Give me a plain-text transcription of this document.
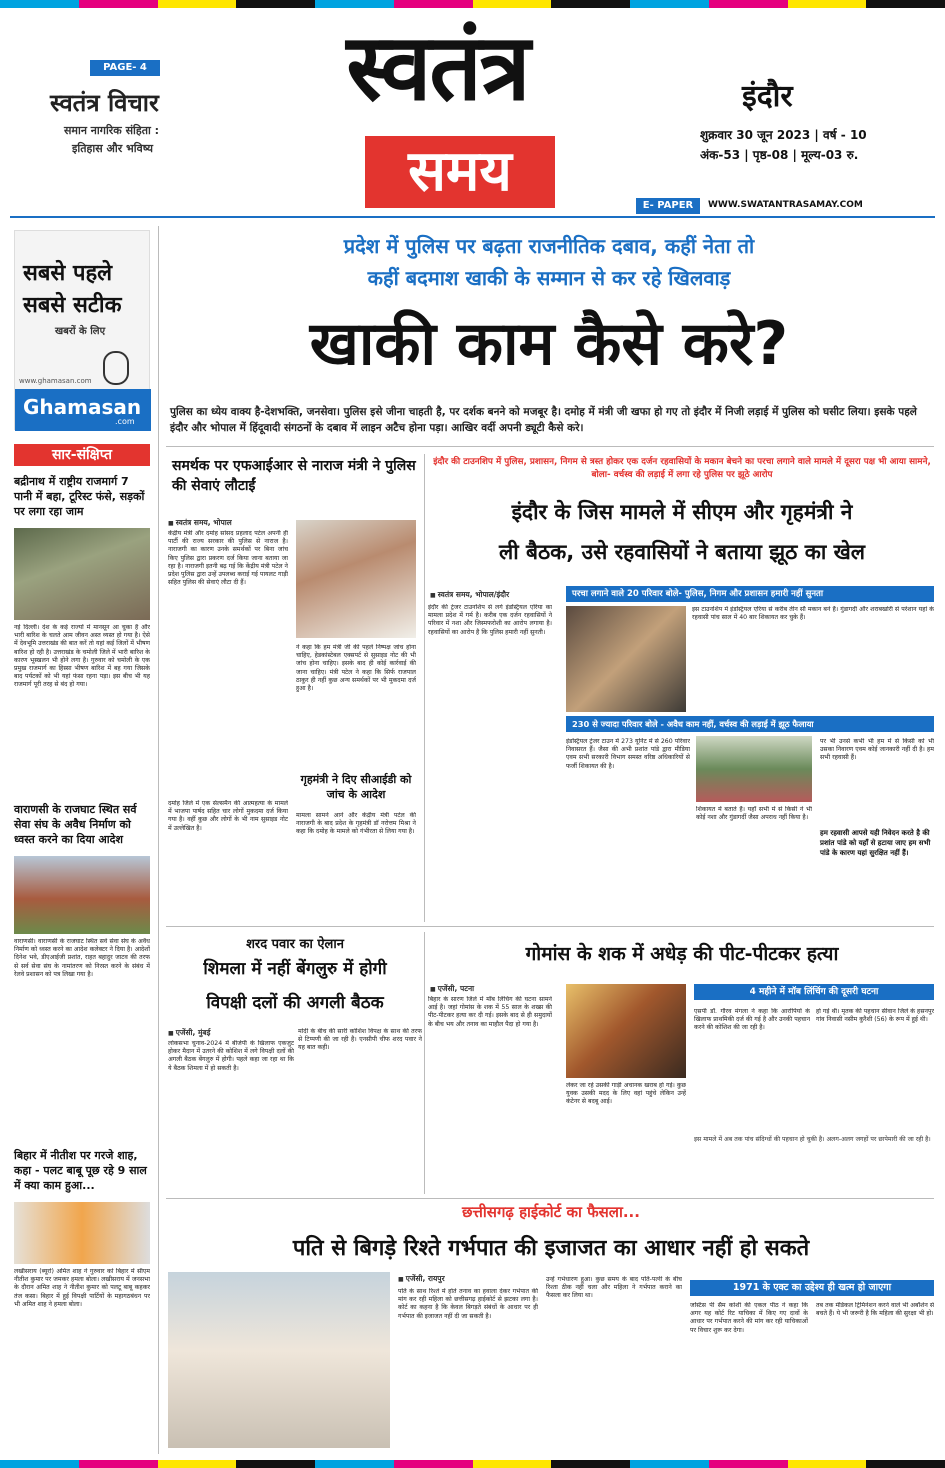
PAGE- 4
स्वतंत्र विचार
समान नागरिक संहिता :
इतिहास और भविष्य
स्वतंत्र
समय
इंदौर
शुक्रवार 30 जून 2023 | वर्ष - 10
अंक-53 | पृष्ठ-08 | मूल्य-03 रु.
E- PAPER	WWW.SWATANTRASAMAY.COM
सबसे पहले
सबसे सटीक
खबरों के लिए
www.ghamasan.com
Ghamasan
.com
सार-संक्षिप्त
बद्रीनाथ में राष्ट्रीय राजमार्ग 7 पानी में बहा, टूरिस्ट फंसे, सड़कों पर लगा रहा जाम
नई दिल्ली। देश के कई राज्यों में मानसून आ चुका है और भारी बारिश के चलते आम जीवन अस्त व्यस्त हो गया है। ऐसे में देवभूमि उत्तराखंड की बात करें तो यहां कई जिलों में भीषण बारिश हो रही है। उत्तराखंड के चमोली जिले में भारी बारिश के कारण भूस्खलन भी होने लगा है। गुरुवार को चमोली के एक प्रमुख राजमार्ग का हिस्सा भीषण बारिश में बह गया जिसके बाद पर्यटकों को भी यहां फंसा रहना पड़ा। इस बीच भी यह राजमार्ग पूरी तरह से बंद हो गया।
वाराणसी के राजघाट स्थित सर्व सेवा संघ के अवैध निर्माण को ध्वस्त करने का दिया आदेश
वाराणसी। वाराणसी के राजघाट स्थित सर्व सेवा संघ के अवैध निर्माण को ध्वस्त करने का आदेश कलेक्टर ने दिया है। आदेशों दिनेश भवे, डीएआईजी प्रशांत, राहत बहादुर जाटव की तरफ से सर्व सेवा संघ के नामांतरण को निरस्त करने के संबंध में रेलवे प्रशासन को पत्र लिखा गया है।
बिहार में नीतीश पर गरजे शाह, कहा - पलट बाबू पूछ रहे 9 साल में क्या काम हुआ...
लखीसराय (ब्यूरो) अमित शाह ने गुरुवार को बिहार में सीएम नीतीश कुमार पर जमकर हमला बोला। लखीसराय में जनसभा के दौरान अमित शाह ने नीतीश कुमार को पलटू बाबू कहकर तंज कसा। बिहार में हुई विपक्षी पार्टियों के महागठबंधन पर भी अमित शाह ने हमला बोला।
प्रदेश में पुलिस पर बढ़ता राजनीतिक दबाव, कहीं नेता तो
कहीं बदमाश खाकी के सम्मान से कर रहे खिलवाड़
खाकी काम कैसे करे?
पुलिस का ध्येय वाक्य है-देशभक्ति, जनसेवा। पुलिस इसे जीना चाहती है, पर दर्शक बनने को मजबूर है। दमोह में मंत्री जी खफा हो गए तो इंदौर में निजी लड़ाई में पुलिस को घसीट लिया। इसके पहले इंदौर और भोपाल में हिंदूवादी संगठनों के दबाव में लाइन अटैच होना पड़ा। आखिर वर्दी अपनी ड्यूटी कैसे करे।
समर्थक पर एफआईआर से नाराज मंत्री ने पुलिस की सेवाएं लौटाईं
■ स्वतंत्र समय, भोपाल
केंद्रीय मंत्री और दमोह सांसद प्रहलाद पटेल अपनी ही पार्टी की राज्य सरकार की पुलिस से नाराज है। नाराजगी का कारण उनके समर्थकों पर बिना जांच किए पुलिस द्वारा प्रकरण दर्ज किया जाना बताया जा रहा है। नाराजगी इतनी बढ़ गई कि केंद्रीय मंत्री पटेल ने प्रदेश पुलिस द्वारा उन्हें उपलब्ध कराई गई पायलट गाड़ी सहित पुलिस की सेवाएं लौटा दी हैं।
ने कहा कि हम मंत्री जी की पहले निष्पक्ष जांच होना चाहिए, हेडकांस्टेबल एक्सपर्ट से सुसाइड नोट की भी जांच होना चाहिए। इसके बाद ही कोई कार्रवाई की जाना चाहिए। मंत्री पटेल ने कहा कि सिर्फ राजपाल ठाकुर ही नहीं कुछ अन्य समर्थकों पर भी मुकदमा दर्ज हुआ है।
गृहमंत्री ने दिए सीआईडी को जांच के आदेश
मामला सामने आने और केंद्रीय मंत्री पटेल की नाराजगी के बाद प्रदेश के गृहमंत्री डॉ नरोत्तम मिश्रा ने कहा कि दमोह के मामले को गंभीरता से लिया गया है।
दमोह जिले में एक सेल्समैन की आत्महत्या के मामले में भाजपा पार्षद सहित चार लोगों मुकदमा दर्ज किया गया है। वहीं कुछ और लोगों के भी नाम सुसाइड नोट में उल्लेखित है।
इंदौर की टाउनशिप में पुलिस, प्रशासन, निगम से त्रस्त होकर एक दर्जन रहवासियों के मकान बेचने का परचा लगाने वाले मामले में दूसरा पक्ष भी आया सामने, बोला- वर्चस्व की लड़ाई में लगा रहे पुलिस पर झूठे आरोप
इंदौर के जिस मामले में सीएम और गृहमंत्री ने
ली बैठक, उसे रहवासियों ने बताया झूठ का खेल
■ स्वतंत्र समय, भोपाल/इंदौर
इंदौर की ट्रेजर टाउनशिप से लगे इंडस्ट्रियल एरिया का मामला प्रदेश में गर्म है। करीब एक दर्जन रहवासियों ने परिवार में नशा और जिस्मफरोशी का आरोप लगाया है। रहवासियों का आरोप है कि पुलिस हमारी नहीं सुनती।
परचा लगाने वाले 20 परिवार बोले- पुलिस, निगम और प्रशासन हमारी नहीं सुनता
इस टाउनशिप में इंडस्ट्रियल एरिया से करीब तीन सौ मकान बने हैं। गुंडागर्दी और शराबखोरी से परेशान यहां के रहवासी पांच साल में 40 बार शिकायत कर चुके हैं।
230 से ज्यादा परिवार बोले - अवैध काम नहीं, वर्चस्व की लड़ाई में झूठ फैलाया
इंडस्ट्रियल ट्रेजर टाउन में 273 यूनिट में से 260 परिवार निवासरत हैं। जैसा की अभी प्रशांत पांडे द्वारा मीडिया एवम सभी सरकारी विभाग समस्त वरिष्ठ अधिकारियों से फर्जी शिकायत की है।
शिकायत में बताते हैं। यहाँ सभी में से किसी ने भी कोई नशा और गुंडागर्दी जैसा अपराध नहीं किया है।
पर भी उनसे कभी भी हम में से किसी को भी उसका निवारण एवम कोई जानकारी नहीं दी है। हम सभी रहवासी हैं।
हम रहवासी आपसे यही निवेदन करते है की प्रशांत पांडे को यहाँ से हटाया जाए हम सभी पांडे के कारण यहां सुरक्षित नहीं हैं।
शरद पवार का ऐलान
शिमला में नहीं बेंगलुरु में होगी
विपक्षी दलों की अगली बैठक
■ एजेंसी, मुंबई
लोकसभा चुनाव-2024 में बीजेपी के खिलाफ एकजुट होकर मैदान में उतरने की कोशिश में लगे विपक्षी दलों की अगली बैठक बेंगलुरु में होगी। पहले कहा जा रहा था कि ये बैठक शिमला में हो सकती है।
मोदी के बीच की सारी कोशिश विपक्ष के साथ की तरफ से टिप्पणी की जा रही है। एनसीपी चीफ शरद पवार ने यह बात कही।
गोमांस के शक में अधेड़ की पीट-पीटकर हत्या
■ एजेंसी, पटना
बिहार के सारण जिले में मॉब लिंचिंग की घटना सामने आई है। जहां गोमांस के शक में 55 साल के शख्स की पीट-पीटकर हत्या कर दी गई। इसके बाद से ही समुदायों के बीच भय और तनाव का माहौल पैदा हो गया है।
लेकर जा रहे उसकी गाड़ी अचानक खराब हो गई। कुछ युवक उसकी मदद के लिए वहां पहुंचे लेकिन उन्हें कंटेनर से बदबू आई।
4 महीने में मॉब लिंचिंग की दूसरी घटना
एसपी डॉ. गौरव मंगला ने कहा कि आरोपियों के खिलाफ प्राथमिकी दर्ज की गई है और उनकी पहचान करने की कोशिश की जा रही है।
हो गई थी। मृतक की पहचान सीवान जिले के हसनपुर गांव निवासी नसीम कुरैशी (56) के रूप में हुई थी।
इस मामले में अब तक पांच संदिग्धों की पहचान हो चुकी है। अलग-अलग जगहों पर छापेमारी की जा रही है।
छत्तीसगढ़ हाईकोर्ट का फैसला...
पति से बिगड़े रिश्ते गर्भपात की इजाजत का आधार नहीं हो सकते
■ एजेंसी, रायपुर
पति के साथ रिश्ते में होते तनाव का हवाला देकर गर्भपात की मांग कर रही महिला को छत्तीसगढ़ हाईकोर्ट से झटका लगा है। कोर्ट का कहना है कि केवल बिगड़ते संबंधों के आधार पर ही गर्भपात की इजाजत नहीं दी जा सकती है।
उन्हें गर्भधारण हुआ। कुछ समय के बाद पति-पत्नी के बीच रिश्ता ठीक नहीं चला और महिला ने गर्भपात कराने का फैसला कर लिया था।
1971 के एक्ट का उद्देश्य ही खत्म हो जाएगा
जस्टिस पी सैम कोशी की एकल पीठ ने कहा कि अगर यह कोर्ट रिट याचिका में किए गए दावों के आधार पर गर्भपात करने की मांग कर रही याचिकाओं पर विचार शुरू कर देगा।
तब तक मेडिकल ट्रिमिनेशन करने वाले भी अबॉर्शन से बचते हैं। ये भी जरूरी है कि महिला की सुरक्षा भी हो।
